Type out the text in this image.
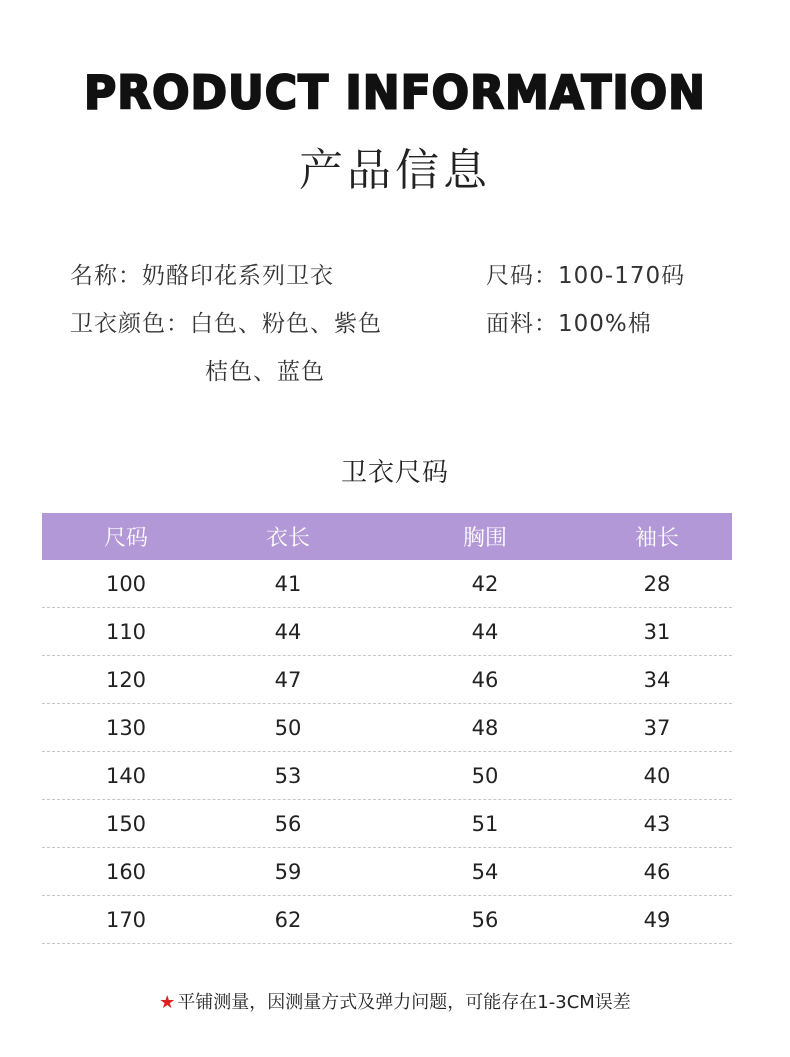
PRODUCT INFORMATION
产品信息
名称：奶酪印花系列卫衣	尺码：100-170码
卫衣颜色：白色、粉色、紫色	面料：100%棉
桔色、蓝色
卫衣尺码
尺码	衣长	胸围	袖长
100	41	42	28
110	44	44	31
120	47	46	34
130	50	48	37
140	53	50	40
150	56	51	43
160	59	54	46
170	62	56	49
★ 平铺测量，因测量方式及弹力问题，可能存在1-3CM误差
